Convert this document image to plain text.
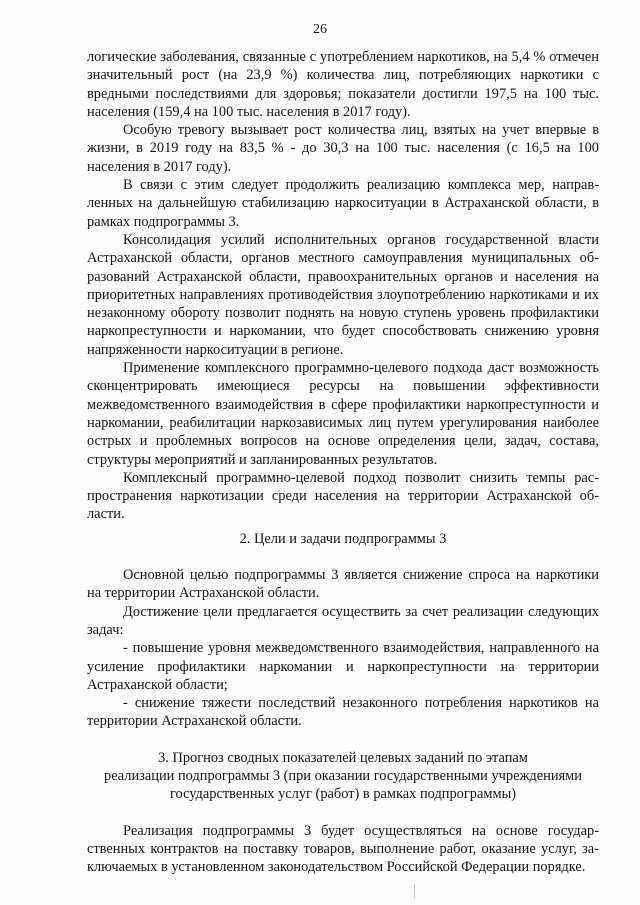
26

логические заболевания, связанные с употреблением наркотиков, на 5,4 % отмечен значительный рост (на 23,9 %) количества лиц, потребляющих наркотики с вредными последствиями для здоровья; показатели достигли 197,5 на 100 тыс. населения (159,4 на 100 тыс. населения в 2017 году).

Особую тревогу вызывает рост количества лиц, взятых на учет впервые в жизни, в 2019 году на 83,5 % - до 30,3 на 100 тыс. населения (с 16,5 на 100 населения в 2017 году).

В связи с этим следует продолжить реализацию комплекса мер, направленных на дальнейшую стабилизацию наркоситуации в Астраханской области, в рамках подпрограммы 3.

Консолидация усилий исполнительных органов государственной власти Астраханской области, органов местного самоуправления муниципальных образований Астраханской области, правоохранительных органов и населения на приоритетных направлениях противодействия злоупотреблению наркотиками и их незаконному обороту позволит поднять на новую ступень уровень профилактики наркопреступности и наркомании, что будет способствовать снижению уровня напряженности наркоситуации в регионе.

Применение комплексного программно-целевого подхода даст возможность сконцентрировать имеющиеся ресурсы на повышении эффективности межведомственного взаимодействия в сфере профилактики наркопреступности и наркомании, реабилитации наркозависимых лиц путем урегулирования наиболее острых и проблемных вопросов на основе определения цели, задач, состава, структуры мероприятий и запланированных результатов.

Комплексный программно-целевой подход позволит снизить темпы распространения наркотизации среди населения на территории Астраханской области.

2. Цели и задачи подпрограммы 3

Основной целью подпрограммы 3 является снижение спроса на наркотики на территории Астраханской области.

Достижение цели предлагается осуществить за счет реализации следующих задач:

- повышение уровня межведомственного взаимодействия, направленного на усиление профилактики наркомании и наркопреступности на территории Астраханской области;

- снижение тяжести последствий незаконного потребления наркотиков на территории Астраханской области.

3. Прогноз сводных показателей целевых заданий по этапам

реализации подпрограммы 3 (при оказании государственными учреждениями

государственных услуг (работ) в рамках подпрограммы)

Реализация подпрограммы 3 будет осуществляться на основе государственных контрактов на поставку товаров, выполнение работ, оказание услуг, заключаемых в установленном законодательством Российской Федерации порядке.
